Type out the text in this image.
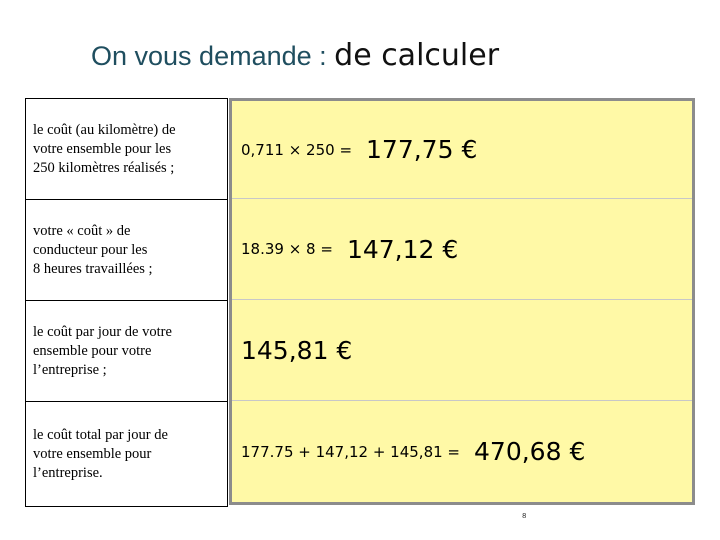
On vous demande : de calculer
le coût (au kilomètre) de
votre ensemble pour les
250 kilomètres réalisés ;
votre « coût » de
conducteur pour les
8 heures travaillées ;
le coût par jour de votre
ensemble pour votre
l’entreprise ;
le coût total par jour de
votre ensemble pour
l’entreprise.
0,711 × 250 = 177,75 €
18.39 × 8 = 147,12 €
145,81 €
177.75 + 147,12 + 145,81 = 470,68 €
8
